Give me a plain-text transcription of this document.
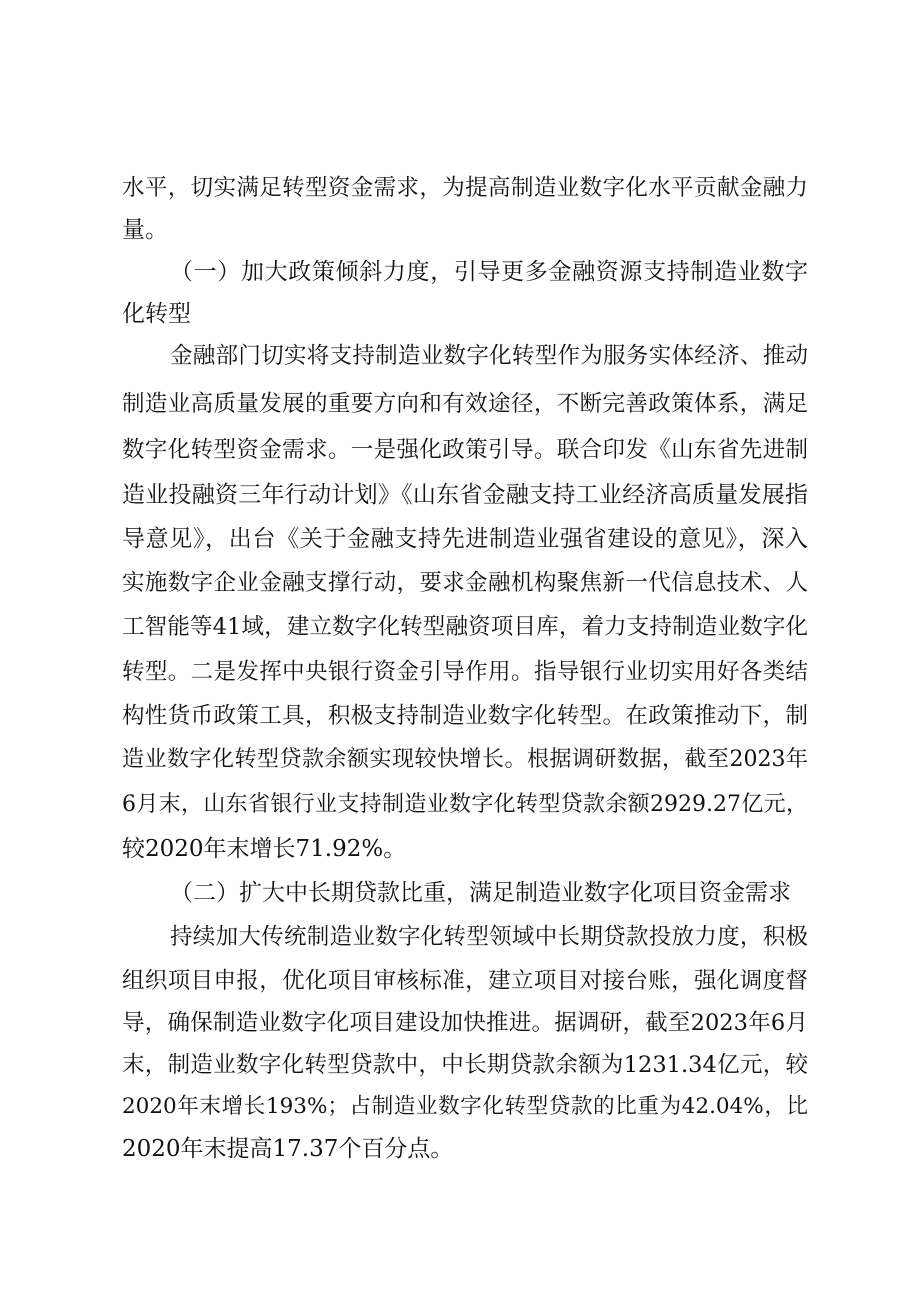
水平，切实满足转型资金需求，为提高制造业数字化水平贡献金融力
量。
（一）加大政策倾斜力度，引导更多金融资源支持制造业数字
化转型
金融部门切实将支持制造业数字化转型作为服务实体经济、推动
制造业高质量发展的重要方向和有效途径，不断完善政策体系，满足
数字化转型资金需求。一是强化政策引导。联合印发《山东省先进制
造业投融资三年行动计划》《山东省金融支持工业经济高质量发展指
导意见》，出台《关于金融支持先进制造业强省建设的意见》，深入
实施数字企业金融支撑行动，要求金融机构聚焦新一代信息技术、人
工智能等41域，建立数字化转型融资项目库，着力支持制造业数字化
转型。二是发挥中央银行资金引导作用。指导银行业切实用好各类结
构性货币政策工具，积极支持制造业数字化转型。在政策推动下，制
造业数字化转型贷款余额实现较快增长。根据调研数据，截至2023年
6月末，山东省银行业支持制造业数字化转型贷款余额2929.27亿元，
较2020年末增长71.92%。
（二）扩大中长期贷款比重，满足制造业数字化项目资金需求
持续加大传统制造业数字化转型领域中长期贷款投放力度，积极
组织项目申报，优化项目审核标准，建立项目对接台账，强化调度督
导，确保制造业数字化项目建设加快推进。据调研，截至2023年6月
末，制造业数字化转型贷款中，中长期贷款余额为1231.34亿元，较
2020年末增长193%；占制造业数字化转型贷款的比重为42.04%，比
2020年末提高17.37个百分点。
